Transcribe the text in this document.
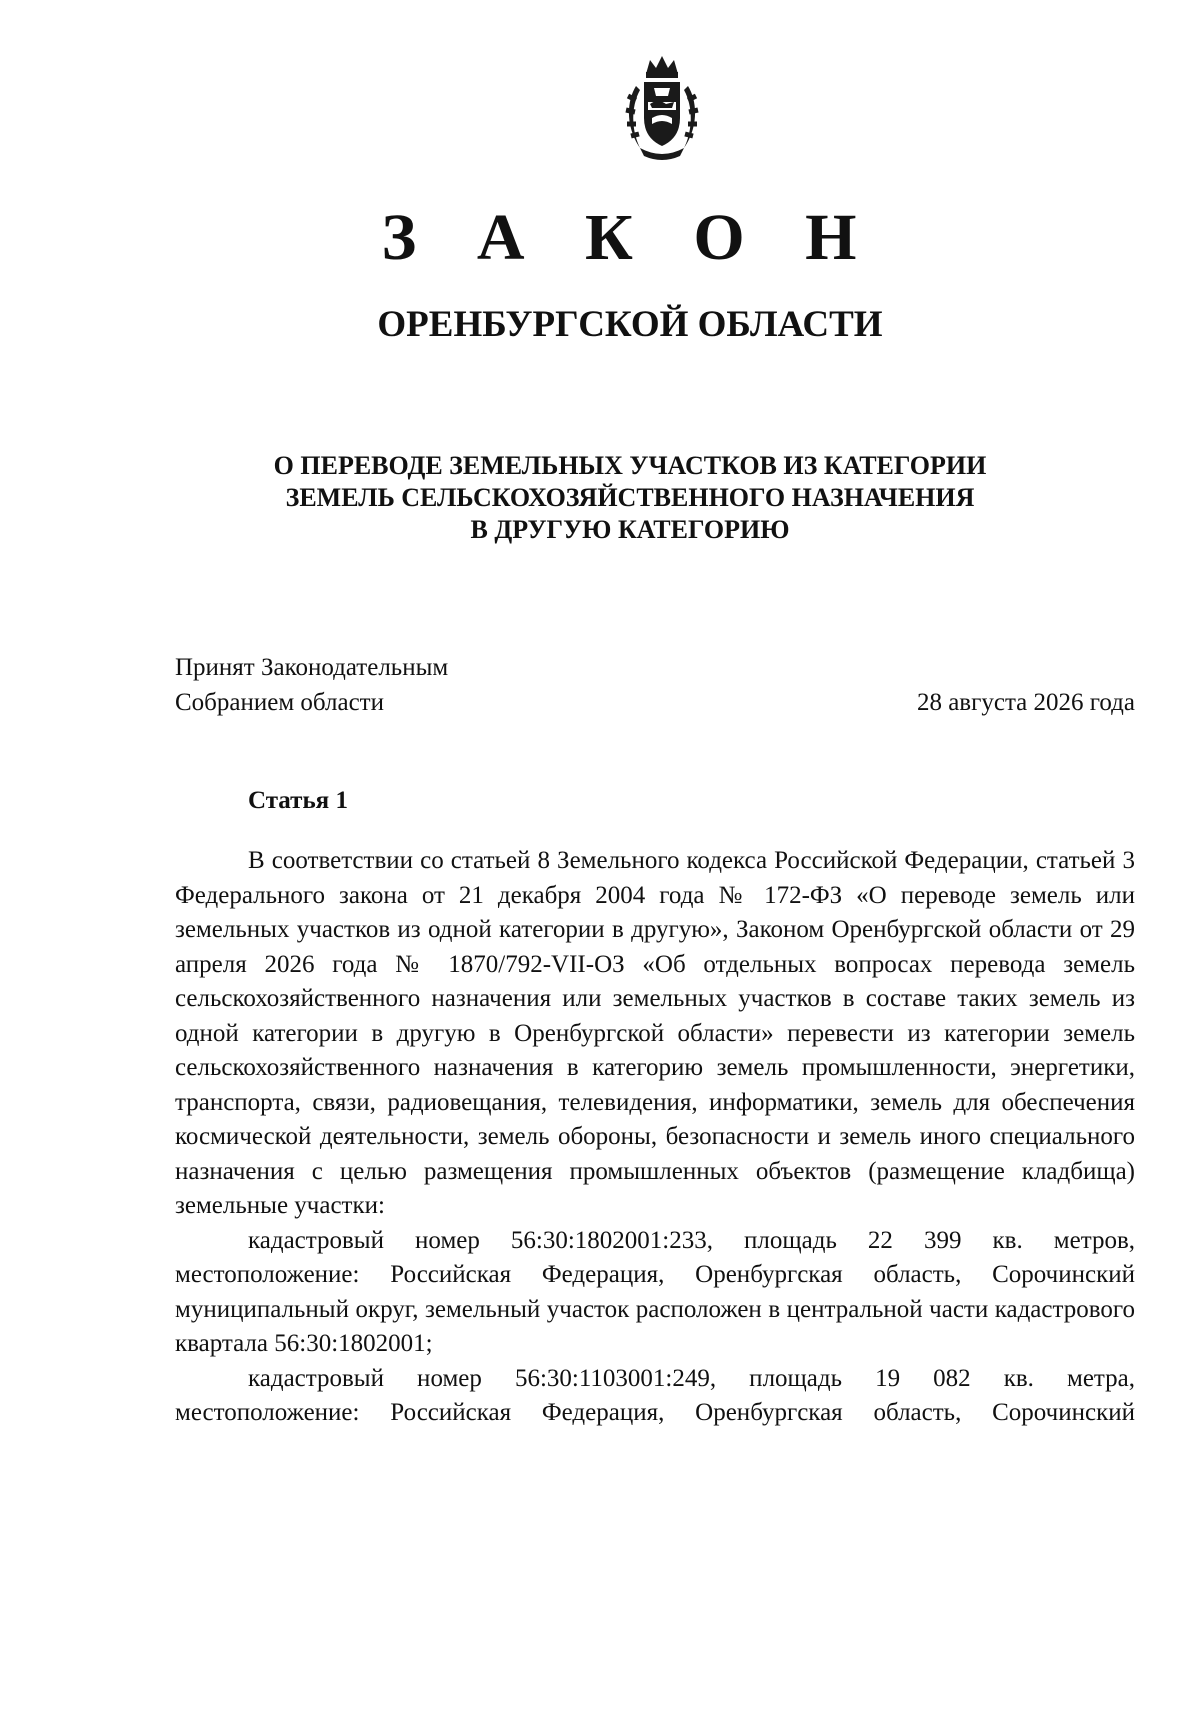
З А К О Н
ОРЕНБУРГСКОЙ ОБЛАСТИ
О ПЕРЕВОДЕ ЗЕМЕЛЬНЫХ УЧАСТКОВ ИЗ КАТЕГОРИИ
ЗЕМЕЛЬ СЕЛЬСКОХОЗЯЙСТВЕННОГО НАЗНАЧЕНИЯ
В ДРУГУЮ КАТЕГОРИЮ
Принят Законодательным
Собранием области	28 августа 2026 года
Статья 1

В соответствии со статьей 8 Земельного кодекса Российской Федерации, статьей 3 Федерального закона от 21 декабря 2004 года № 172-ФЗ «О переводе земель или земельных участков из одной категории в другую», Законом Оренбургской области от 29 апреля 2026 года № 1870/792-VII-ОЗ «Об отдельных вопросах перевода земель сельскохозяйственного назначения или земельных участков в составе таких земель из одной категории в другую в Оренбургской области» перевести из категории земель сельскохозяйственного назначения в категорию земель промышленности, энергетики, транспорта, связи, радиовещания, телевидения, информатики, земель для обеспечения космической деятельности, земель обороны, безопасности и земель иного специального назначения с целью размещения промышленных объектов (размещение кладбища) земельные участки:

кадастровый номер 56:30:1802001:233, площадь 22 399 кв. метров, местоположение: Российская Федерация, Оренбургская область, Сорочинский муниципальный округ, земельный участок расположен в центральной части кадастрового квартала 56:30:1802001;

кадастровый номер 56:30:1103001:249, площадь 19 082 кв. метра, местоположение: Российская Федерация, Оренбургская область, Сорочинский
